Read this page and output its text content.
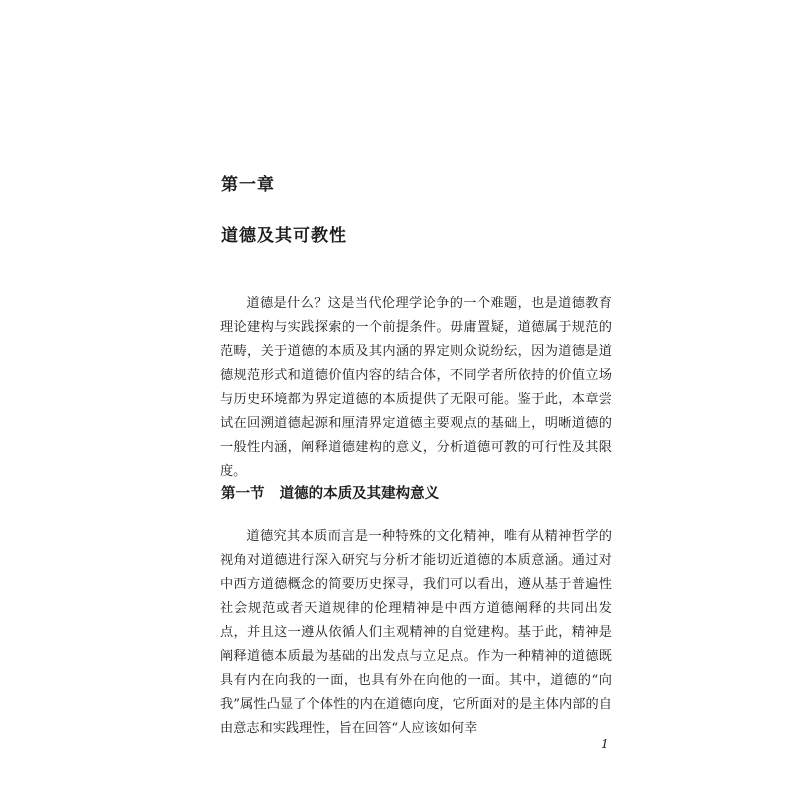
第一章
道德及其可教性

道德是什么？这是当代伦理学论争的一个难题，也是道德教育理论建构与实践探索的一个前提条件。毋庸置疑，道德属于规范的范畴，关于道德的本质及其内涵的界定则众说纷纭，因为道德是道德规范形式和道德价值内容的结合体，不同学者所依持的价值立场与历史环境都为界定道德的本质提供了无限可能。鉴于此，本章尝试在回溯道德起源和厘清界定道德主要观点的基础上，明晰道德的一般性内涵，阐释道德建构的意义，分析道德可教的可行性及其限度。

第一节 道德的本质及其建构意义

道德究其本质而言是一种特殊的文化精神，唯有从精神哲学的视角对道德进行深入研究与分析才能切近道德的本质意涵。通过对中西方道德概念的简要历史探寻，我们可以看出，遵从基于普遍性社会规范或者天道规律的伦理精神是中西方道德阐释的共同出发点，并且这一遵从依循人们主观精神的自觉建构。基于此，精神是阐释道德本质最为基础的出发点与立足点。作为一种精神的道德既具有内在向我的一面，也具有外在向他的一面。其中，道德的“向我”属性凸显了个体性的内在道德向度，它所面对的是主体内部的自由意志和实践理性，旨在回答“人应该如何幸

1
